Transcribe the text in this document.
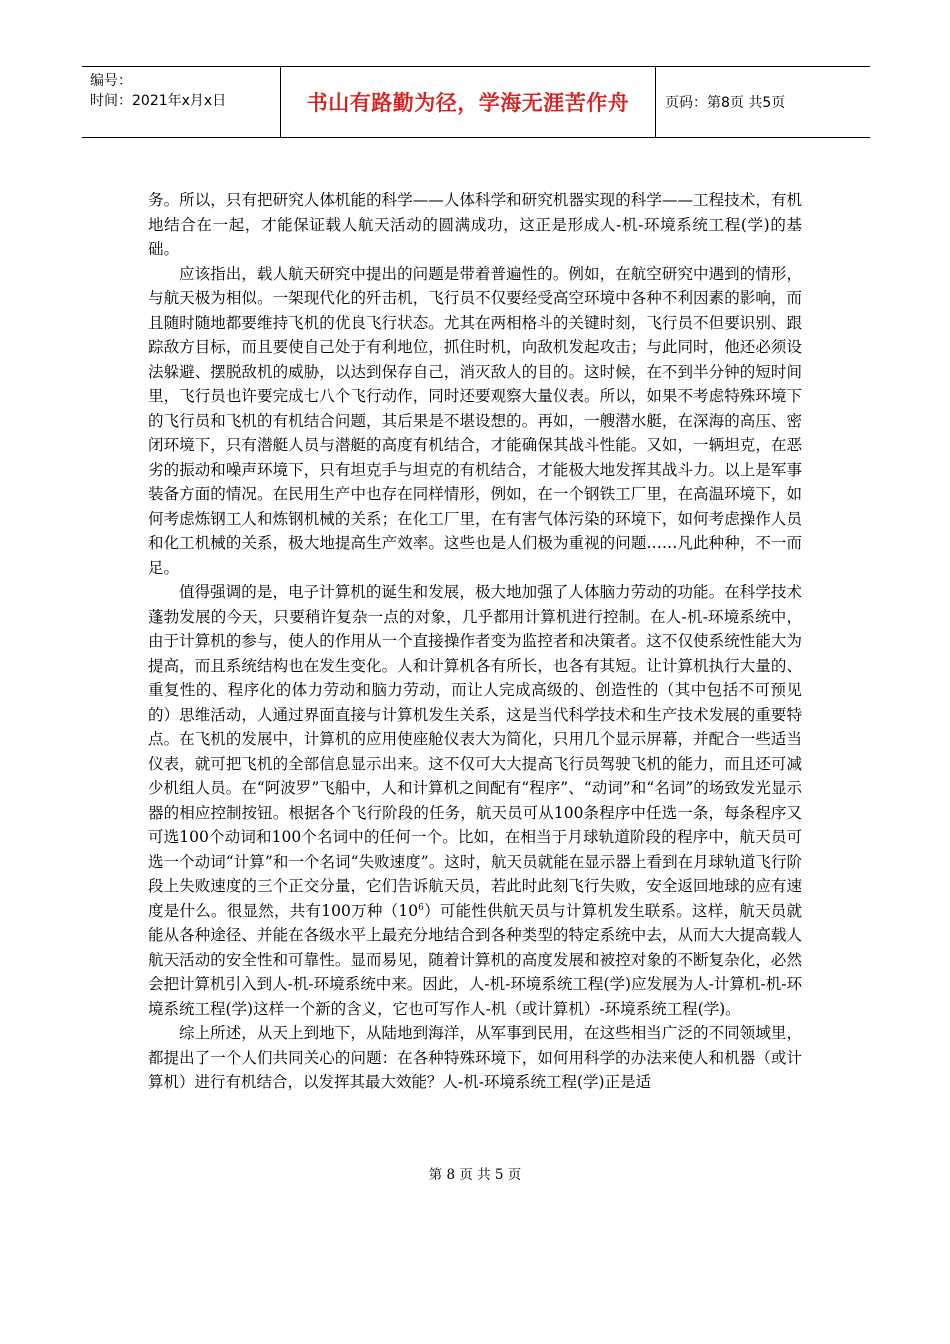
编号：
时间：2021年x月x日	书山有路勤为径，学海无涯苦作舟	页码：第8页 共5页

务。所以，只有把研究人体机能的科学——人体科学和研究机器实现的科学——工程技术，有机地结合在一起，才能保证载人航天活动的圆满成功，这正是形成人-机-环境系统工程(学)的基础。

应该指出，载人航天研究中提出的问题是带着普遍性的。例如，在航空研究中遇到的情形，与航天极为相似。一架现代化的歼击机，飞行员不仅要经受高空环境中各种不利因素的影响，而且随时随地都要维持飞机的优良飞行状态。尤其在两相格斗的关键时刻，飞行员不但要识别、跟踪敌方目标，而且要使自己处于有利地位，抓住时机，向敌机发起攻击；与此同时，他还必须设法躲避、摆脱敌机的威胁，以达到保存自己，消灭敌人的目的。这时候，在不到半分钟的短时间里，飞行员也许要完成七八个飞行动作，同时还要观察大量仪表。所以，如果不考虑特殊环境下的飞行员和飞机的有机结合问题，其后果是不堪设想的。再如，一艘潜水艇，在深海的高压、密闭环境下，只有潜艇人员与潜艇的高度有机结合，才能确保其战斗性能。又如，一辆坦克，在恶劣的振动和噪声环境下，只有坦克手与坦克的有机结合，才能极大地发挥其战斗力。以上是军事装备方面的情况。在民用生产中也存在同样情形，例如，在一个钢铁工厂里，在高温环境下，如何考虑炼钢工人和炼钢机械的关系；在化工厂里，在有害气体污染的环境下，如何考虑操作人员和化工机械的关系，极大地提高生产效率。这些也是人们极为重视的问题……凡此种种，不一而足。

值得强调的是，电子计算机的诞生和发展，极大地加强了人体脑力劳动的功能。在科学技术蓬勃发展的今天，只要稍许复杂一点的对象，几乎都用计算机进行控制。在人-机-环境系统中，由于计算机的参与，使人的作用从一个直接操作者变为监控者和决策者。这不仅使系统性能大为提高，而且系统结构也在发生变化。人和计算机各有所长，也各有其短。让计算机执行大量的、重复性的、程序化的体力劳动和脑力劳动，而让人完成高级的、创造性的（其中包括不可预见的）思维活动，人通过界面直接与计算机发生关系，这是当代科学技术和生产技术发展的重要特点。在飞机的发展中，计算机的应用使座舱仪表大为简化，只用几个显示屏幕，并配合一些适当仪表，就可把飞机的全部信息显示出来。这不仅可大大提高飞行员驾驶飞机的能力，而且还可减少机组人员。在“阿波罗”飞船中，人和计算机之间配有“程序”、“动词”和“名词”的场致发光显示器的相应控制按钮。根据各个飞行阶段的任务，航天员可从100条程序中任选一条，每条程序又可选100个动词和100个名词中的任何一个。比如，在相当于月球轨道阶段的程序中，航天员可选一个动词“计算”和一个名词“失败速度”。这时，航天员就能在显示器上看到在月球轨道飞行阶段上失败速度的三个正交分量，它们告诉航天员，若此时此刻飞行失败，安全返回地球的应有速度是什么。很显然，共有100万种$(10^6)$可能性供航天员与计算机发生联系。这样，航天员就能从各种途径、并能在各级水平上最充分地结合到各种类型的特定系统中去，从而大大提高载人航天活动的安全性和可靠性。显而易见，随着计算机的高度发展和被控对象的不断复杂化，必然会把计算机引入到人-机-环境系统中来。因此，人-机-环境系统工程(学)应发展为人-计算机-机-环境系统工程(学)这样一个新的含义，它也可写作人-机（或计算机）-环境系统工程(学)。

综上所述，从天上到地下，从陆地到海洋，从军事到民用，在这些相当广泛的不同领域里，都提出了一个人们共同关心的问题：在各种特殊环境下，如何用科学的办法来使人和机器（或计算机）进行有机结合，以发挥其最大效能？人-机-环境系统工程(学)正是适

第 8 页 共 5 页
